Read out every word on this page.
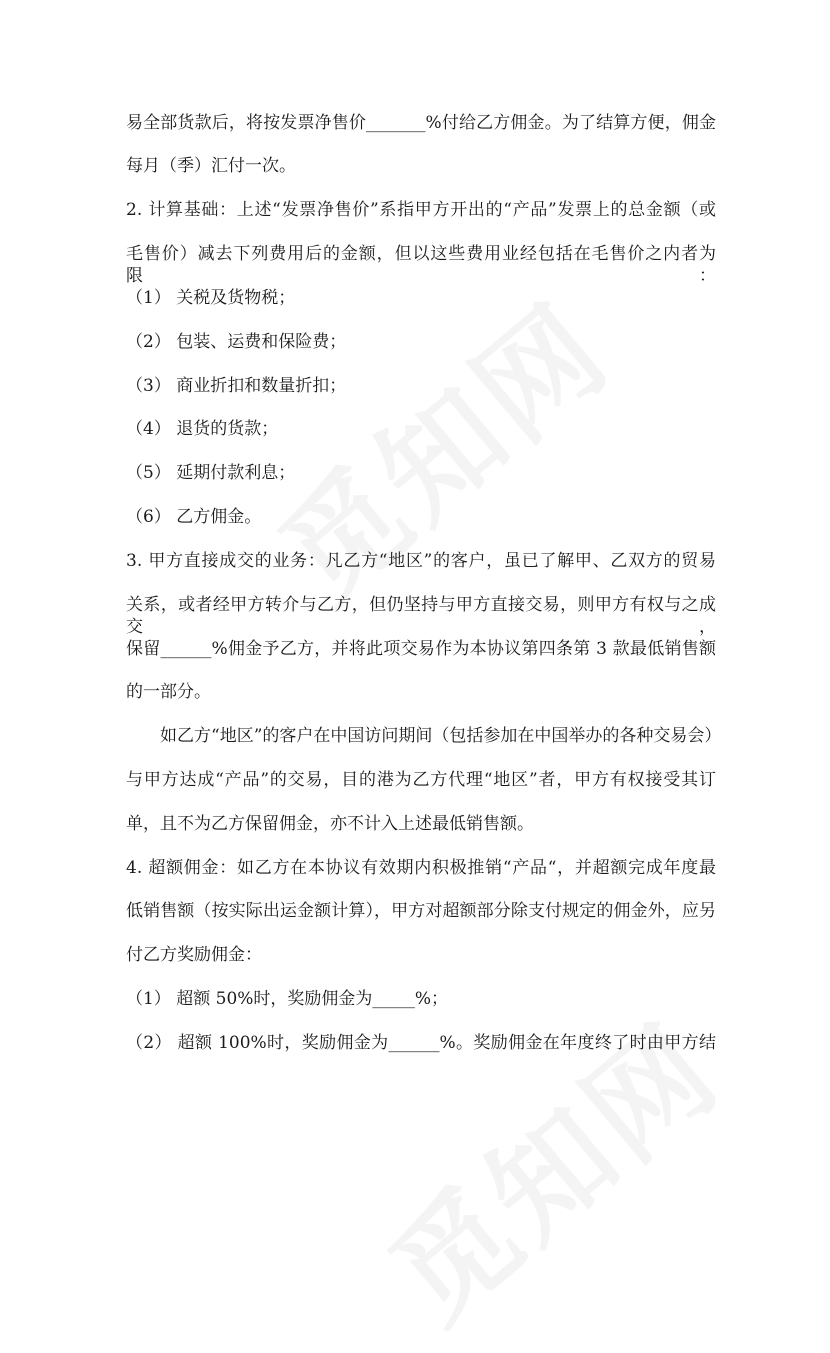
易全部货款后，将按发票净售价_______%付给乙方佣金。为了结算方便，佣金
每月（季）汇付一次。
2. 计算基础：上述“发票净售价”系指甲方开出的“产品”发票上的总金额（或
毛售价）减去下列费用后的金额，但以这些费用业经包括在毛售价之内者为限：
（1） 关税及货物税；
（2） 包装、运费和保险费；
（3） 商业折扣和数量折扣；
（4） 退货的货款；
（5） 延期付款利息；
（6） 乙方佣金。
3. 甲方直接成交的业务：凡乙方“地区”的客户，虽已了解甲、乙双方的贸易
关系，或者经甲方转介与乙方，但仍坚持与甲方直接交易，则甲方有权与之成交，
保留______%佣金予乙方，并将此项交易作为本协议第四条第 3 款最低销售额
的一部分。
如乙方“地区”的客户在中国访问期间（包括参加在中国举办的各种交易会）
与甲方达成“产品”的交易，目的港为乙方代理“地区”者，甲方有权接受其订
单，且不为乙方保留佣金，亦不计入上述最低销售额。
4. 超额佣金：如乙方在本协议有效期内积极推销“产品“，并超额完成年度最
低销售额（按实际出运金额计算），甲方对超额部分除支付规定的佣金外，应另
付乙方奖励佣金：
（1） 超额 50%时，奖励佣金为_____%；
（2） 超额 100%时，奖励佣金为______%。奖励佣金在年度终了时由甲方结
